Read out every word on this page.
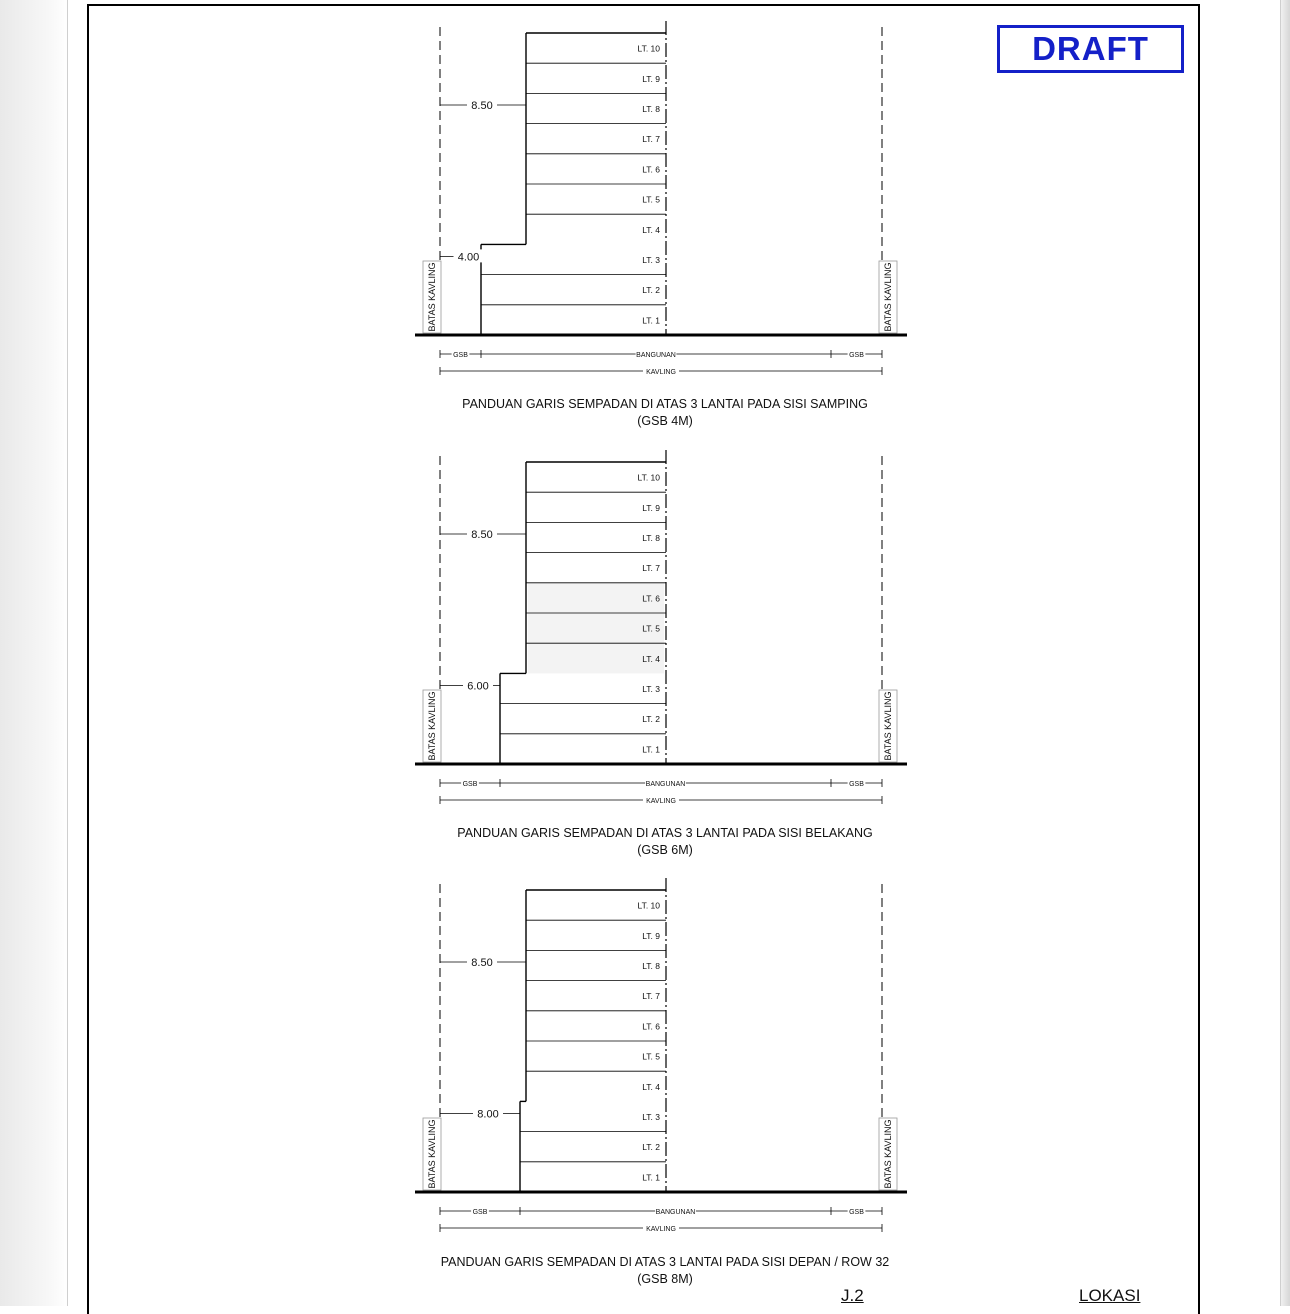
DRAFT
LT. 1
LT. 2
LT. 3
LT. 4
LT. 5
LT. 6
LT. 7
LT. 8
LT. 9
LT. 10
8.50
4.00
BATAS KAVLING	BATAS KAVLING
GSB	BANGUNAN	GSB
KAVLING
LT. 1
LT. 2
LT. 3
LT. 4
LT. 5
LT. 6
LT. 7
LT. 8
LT. 9
LT. 10
8.50
6.00
BATAS KAVLING	BATAS KAVLING
GSB	BANGUNAN	GSB
KAVLING
LT. 1
LT. 2
LT. 3
LT. 4
LT. 5
LT. 6
LT. 7
LT. 8
LT. 9
LT. 10
8.50
8.00
BATAS KAVLING	BATAS KAVLING
GSB	BANGUNAN	GSB
KAVLING
PANDUAN GARIS SEMPADAN DI ATAS 3 LANTAI PADA SISI SAMPING
(GSB 4M)
PANDUAN GARIS SEMPADAN DI ATAS 3 LANTAI PADA SISI BELAKANG
(GSB 6M)
PANDUAN GARIS SEMPADAN DI ATAS 3 LANTAI PADA SISI DEPAN / ROW 32
(GSB 8M)
J.2	LOKASI
